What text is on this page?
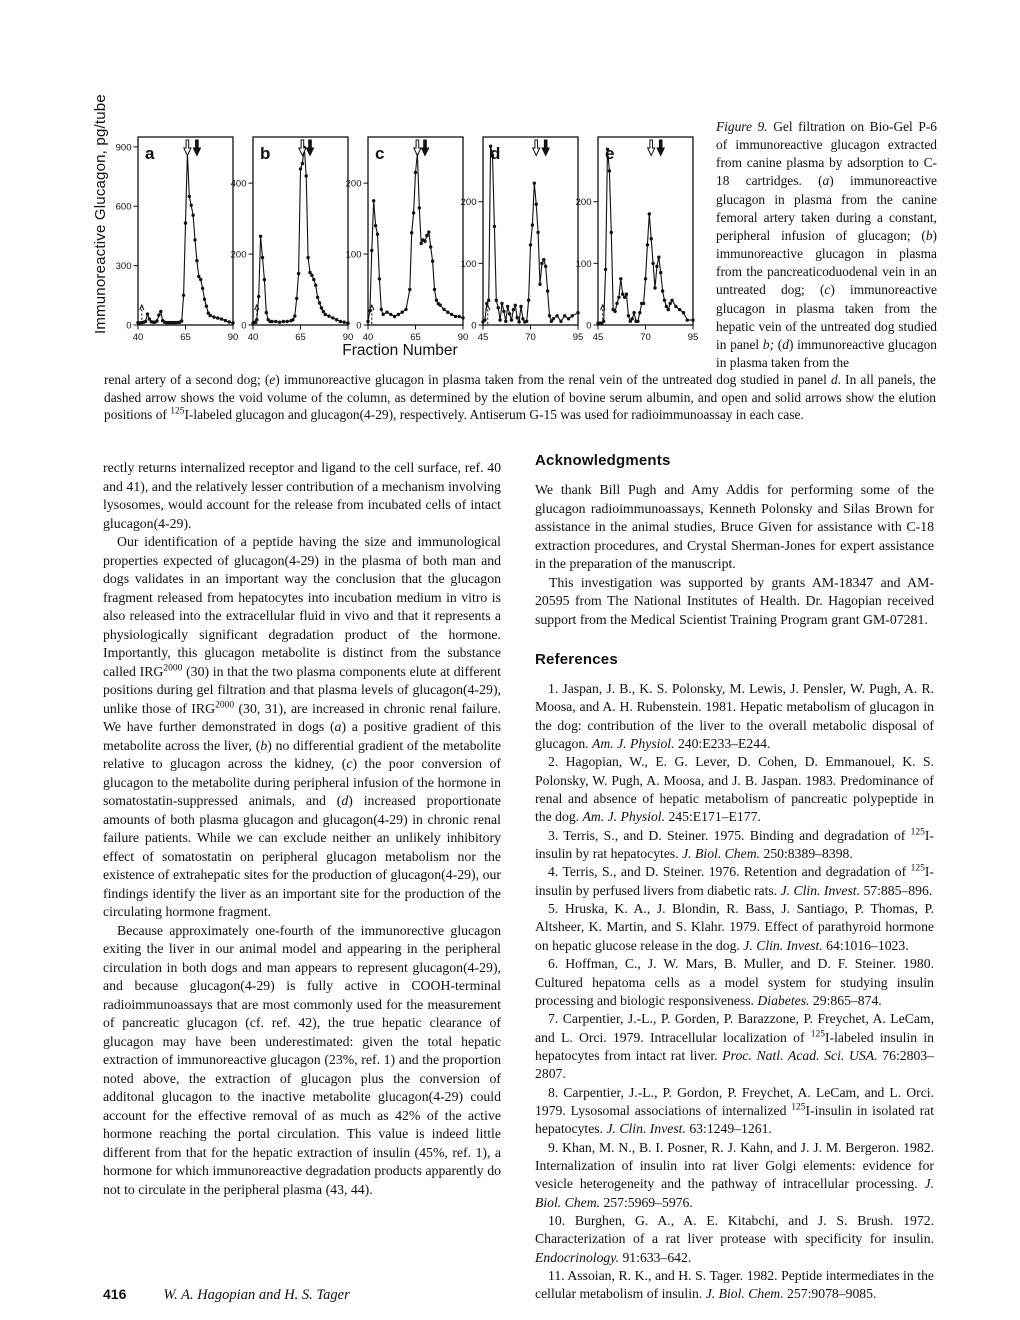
Immunoreactive Glucagon, pg/tube 0
300
600
900
40	65	90
a
0
200
400
40	65	90
b
0
100
200
40	65	90
c
0
100
200
45	70	95
d
0
100
200
45	70	95
e
Fraction Number
Figure 9. Gel filtration on Bio-Gel P-6 of immunoreactive glucagon extracted from canine plasma by adsorption to C-18 cartridges. (a) immunoreactive glucagon in plasma from the canine femoral artery taken during a constant, peripheral infusion of glucagon; (b) immunoreactive glucagon in plasma from the pancreaticoduodenal vein in an untreated dog; (c) immunoreactive glucagon in plasma taken from the hepatic vein of the untreated dog studied in panel b; (d) immunoreactive glucagon in plasma taken from the
renal artery of a second dog; (e) immunoreactive glucagon in plasma taken from the renal vein of the untreated dog studied in panel d. In all panels, the dashed arrow shows the void volume of the column, as determined by the elution of bovine serum albumin, and open and solid arrows show the elution positions of $^{125}$I-labeled glucagon and glucagon(4-29), respectively. Antiserum G-15 was used for radioimmunoassay in each case.

rectly returns internalized receptor and ligand to the cell surface, ref. 40 and 41), and the relatively lesser contribution of a mechanism involving lysosomes, would account for the release from incubated cells of intact glucagon(4-29).

Our identification of a peptide having the size and immunological properties expected of glucagon(4-29) in the plasma of both man and dogs validates in an important way the conclusion that the glucagon fragment released from hepatocytes into incubation medium in vitro is also released into the extracellular fluid in vivo and that it represents a physiologically significant degradation product of the hormone. Importantly, this glucagon metabolite is distinct from the substance called $IRG^{2000}$ (30) in that the two plasma components elute at different positions during gel filtration and that plasma levels of glucagon(4-29), unlike those of $IRG^{2000}$ (30, 31), are increased in chronic renal failure. We have further demonstrated in dogs (a) a positive gradient of this metabolite across the liver, (b) no differential gradient of the metabolite relative to glucagon across the kidney, (c) the poor conversion of glucagon to the metabolite during peripheral infusion of the hormone in somatostatin-suppressed animals, and (d) increased proportionate amounts of both plasma glucagon and glucagon(4-29) in chronic renal failure patients. While we can exclude neither an unlikely inhibitory effect of somatostatin on peripheral glucagon metabolism nor the existence of extrahepatic sites for the production of glucagon(4-29), our findings identify the liver as an important site for the production of the circulating hormone fragment.

Because approximately one-fourth of the immunorective glucagon exiting the liver in our animal model and appearing in the peripheral circulation in both dogs and man appears to represent glucagon(4-29), and because glucagon(4-29) is fully active in COOH-terminal radioimmunoassays that are most commonly used for the measurement of pancreatic glucagon (cf. ref. 42), the true hepatic clearance of glucagon may have been underestimated: given the total hepatic extraction of immunoreactive glucagon (23%, ref. 1) and the proportion noted above, the extraction of glucagon plus the conversion of additonal glucagon to the inactive metabolite glucagon(4-29) could account for the effective removal of as much as 42% of the active hormone reaching the portal circulation. This value is indeed little different from that for the hepatic extraction of insulin (45%, ref. 1), a hormone for which immunoreactive degradation products apparently do not to circulate in the peripheral plasma (43, 44).

Acknowledgments

We thank Bill Pugh and Amy Addis for performing some of the glucagon radioimmunoassays, Kenneth Polonsky and Silas Brown for assistance in the animal studies, Bruce Given for assistance with C-18 extraction procedures, and Crystal Sherman-Jones for expert assistance in the preparation of the manuscript.

This investigation was supported by grants AM-18347 and AM-20595 from The National Institutes of Health. Dr. Hagopian received support from the Medical Scientist Training Program grant GM-07281.

References

1. Jaspan, J. B., K. S. Polonsky, M. Lewis, J. Pensler, W. Pugh, A. R. Moosa, and A. H. Rubenstein. 1981. Hepatic metabolism of glucagon in the dog: contribution of the liver to the overall metabolic disposal of glucagon. Am. J. Physiol. 240:E233–E244.

2. Hagopian, W., E. G. Lever, D. Cohen, D. Emmanouel, K. S. Polonsky, W. Pugh, A. Moosa, and J. B. Jaspan. 1983. Predominance of renal and absence of hepatic metabolism of pancreatic polypeptide in the dog. Am. J. Physiol. 245:E171–E177.

3. Terris, S., and D. Steiner. 1975. Binding and degradation of $^{125}$I-insulin by rat hepatocytes. J. Biol. Chem. 250:8389–8398.

4. Terris, S., and D. Steiner. 1976. Retention and degradation of $^{125}$I-insulin by perfused livers from diabetic rats. J. Clin. Invest. 57:885–896.

5. Hruska, K. A., J. Blondin, R. Bass, J. Santiago, P. Thomas, P. Altsheer, K. Martin, and S. Klahr. 1979. Effect of parathyroid hormone on hepatic glucose release in the dog. J. Clin. Invest. 64:1016–1023.

6. Hoffman, C., J. W. Mars, B. Muller, and D. F. Steiner. 1980. Cultured hepatoma cells as a model system for studying insulin processing and biologic responsiveness. Diabetes. 29:865–874.

7. Carpentier, J.-L., P. Gorden, P. Barazzone, P. Freychet, A. LeCam, and L. Orci. 1979. Intracellular localization of $^{125}$I-labeled insulin in hepatocytes from intact rat liver. Proc. Natl. Acad. Sci. USA. 76:2803–2807.

8. Carpentier, J.-L., P. Gordon, P. Freychet, A. LeCam, and L. Orci. 1979. Lysosomal associations of internalized $^{125}$I-insulin in isolated rat hepatocytes. J. Clin. Invest. 63:1249–1261.

9. Khan, M. N., B. I. Posner, R. J. Kahn, and J. J. M. Bergeron. 1982. Internalization of insulin into rat liver Golgi elements: evidence for vesicle heterogeneity and the pathway of intracellular processing. J. Biol. Chem. 257:5969–5976.

10. Burghen, G. A., A. E. Kitabchi, and J. S. Brush. 1972. Characterization of a rat liver protease with specificity for insulin. Endocrinology. 91:633–642.

11. Assoian, R. K., and H. S. Tager. 1982. Peptide intermediates in the cellular metabolism of insulin. J. Biol. Chem. 257:9078–9085.

416	W. A. Hagopian and H. S. Tager
